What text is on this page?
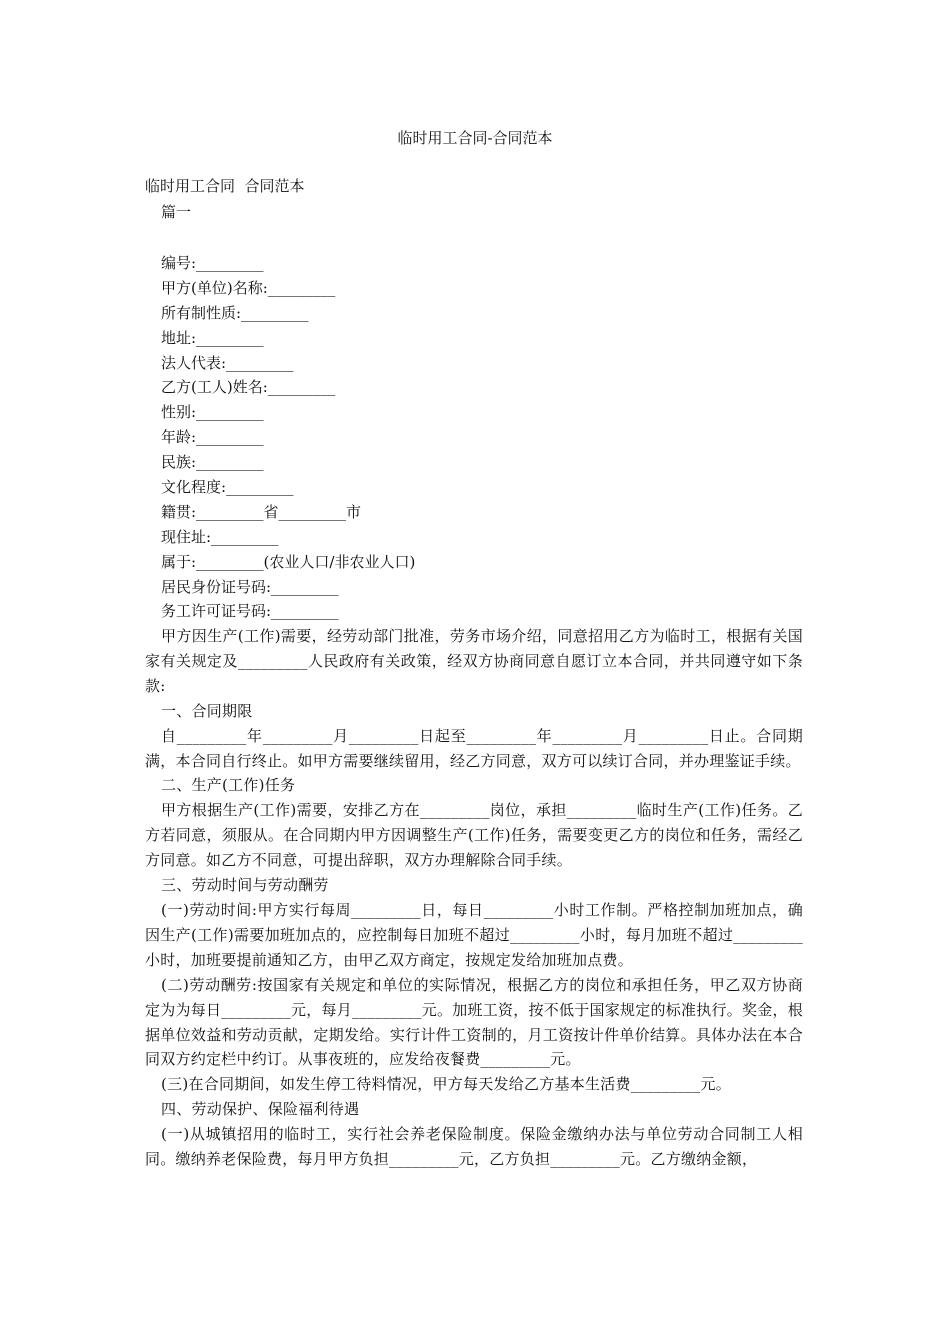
临时用工合同-合同范本
临时用工合同  合同范本
篇一
编号:_________
甲方(单位)名称:_________
所有制性质:_________
地址:_________
法人代表:_________
乙方(工人)姓名:_________
性别:_________
年龄:_________
民族:_________
文化程度:_________
籍贯:_________省_________市
现住址:_________
属于:_________(农业人口/非农业人口)
居民身份证号码:_________
务工许可证号码:_________

甲方因生产(工作)需要，经劳动部门批准，劳务市场介绍，同意招用乙方为临时工，根据有关国家有关规定及_________人民政府有关政策，经双方协商同意自愿订立本合同，并共同遵守如下条款:

一、合同期限

自_________年_________月_________日起至_________年_________月_________日止。合同期满，本合同自行终止。如甲方需要继续留用，经乙方同意，双方可以续订合同，并办理鉴证手续。

二、生产(工作)任务

甲方根据生产(工作)需要，安排乙方在_________岗位，承担_________临时生产(工作)任务。乙方若同意，须服从。在合同期内甲方因调整生产(工作)任务，需要变更乙方的岗位和任务，需经乙方同意。如乙方不同意，可提出辞职，双方办理解除合同手续。

三、劳动时间与劳动酬劳

(一)劳动时间:甲方实行每周_________日，每日_________小时工作制。严格控制加班加点，确因生产(工作)需要加班加点的，应控制每日加班不超过_________小时，每月加班不超过_________小时，加班要提前通知乙方，由甲乙双方商定，按规定发给加班加点费。

(二)劳动酬劳:按国家有关规定和单位的实际情况，根据乙方的岗位和承担任务，甲乙双方协商定为为每日_________元，每月_________元。加班工资，按不低于国家规定的标准执行。奖金，根据单位效益和劳动贡献，定期发给。实行计件工资制的，月工资按计件单价结算。具体办法在本合同双方约定栏中约订。从事夜班的，应发给夜餐费_________元。

(三)在合同期间，如发生停工待料情况，甲方每天发给乙方基本生活费_________元。

四、劳动保护、保险福利待遇

(一)从城镇招用的临时工，实行社会养老保险制度。保险金缴纳办法与单位劳动合同制工人相同。缴纳养老保险费，每月甲方负担_________元，乙方负担_________元。乙方缴纳金额，
